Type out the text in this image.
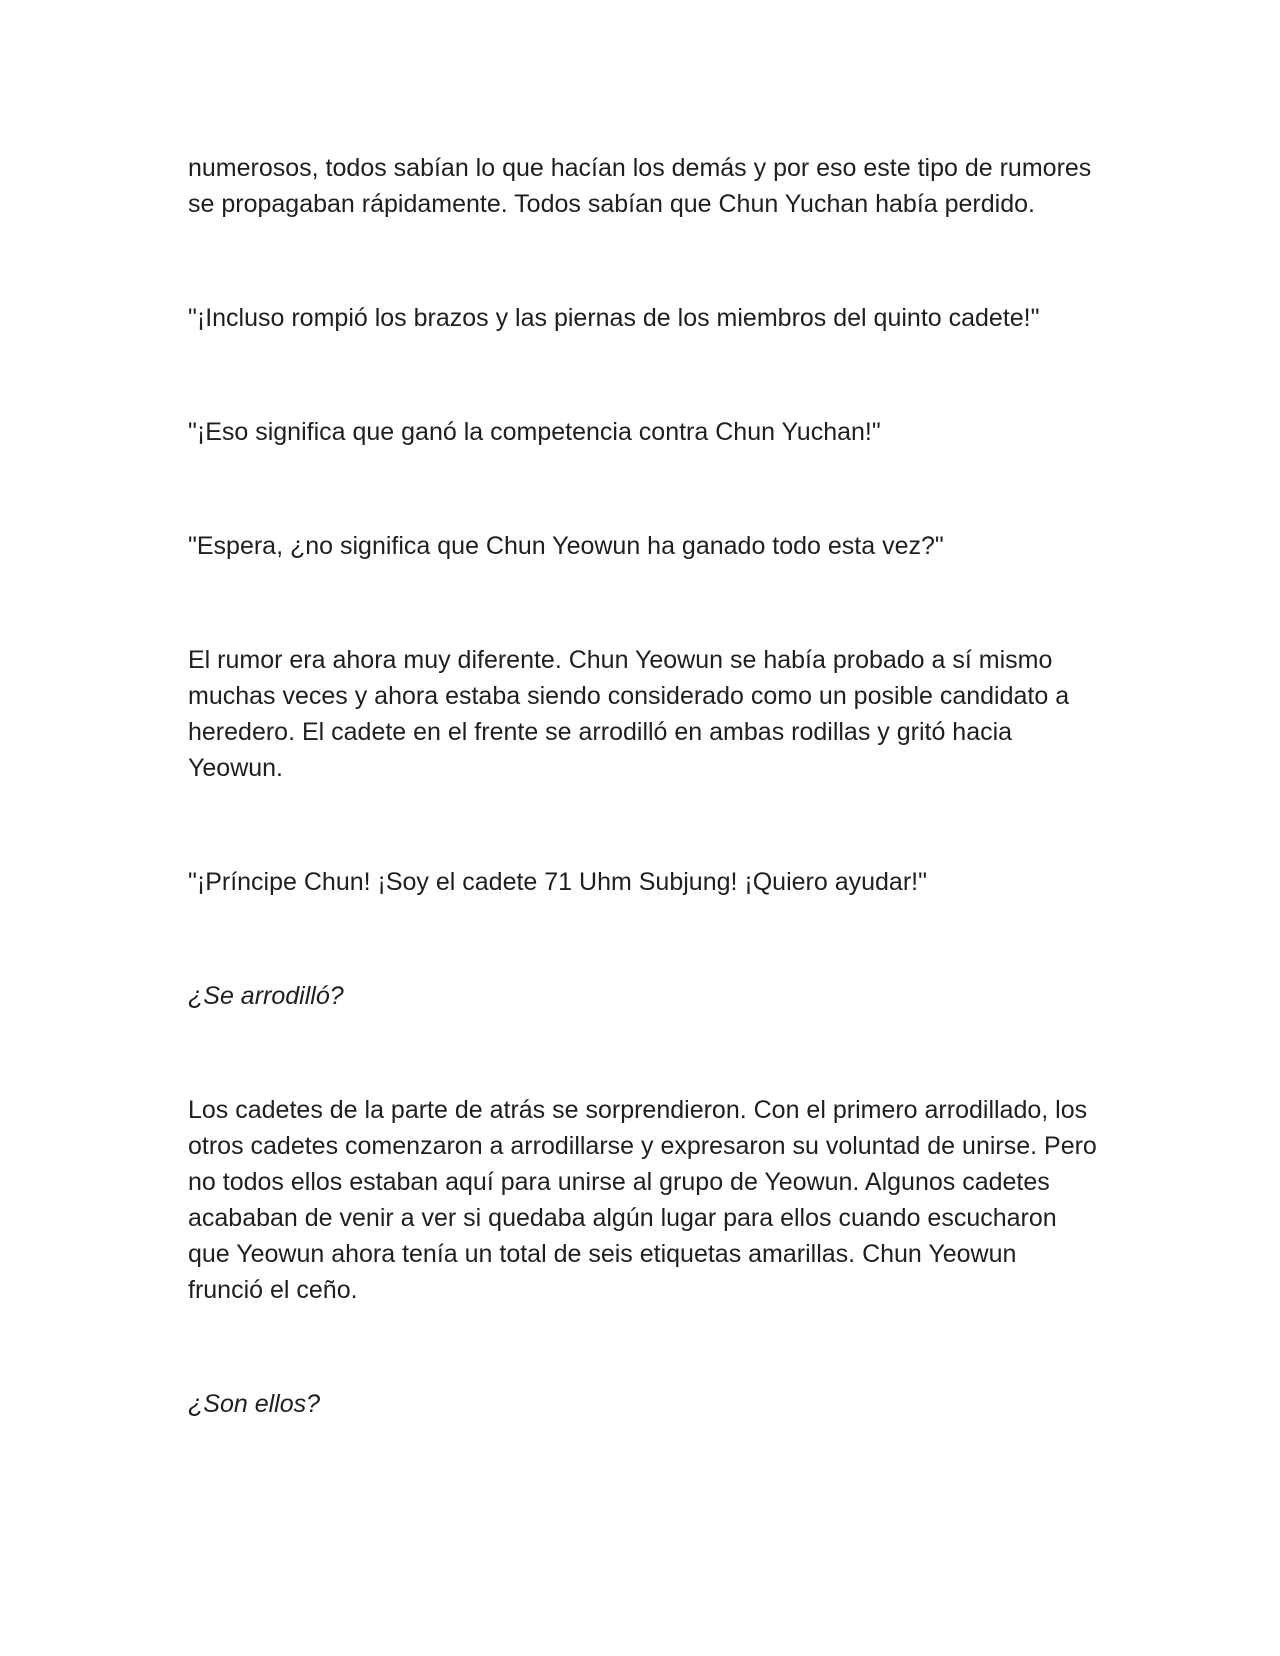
numerosos, todos sabían lo que hacían los demás y por eso este tipo de rumores se propagaban rápidamente. Todos sabían que Chun Yuchan había perdido.

"¡Incluso rompió los brazos y las piernas de los miembros del quinto cadete!"

"¡Eso significa que ganó la competencia contra Chun Yuchan!"

"Espera, ¿no significa que Chun Yeowun ha ganado todo esta vez?"

El rumor era ahora muy diferente. Chun Yeowun se había probado a sí mismo muchas veces y ahora estaba siendo considerado como un posible candidato a heredero. El cadete en el frente se arrodilló en ambas rodillas y gritó hacia Yeowun.

"¡Príncipe Chun! ¡Soy el cadete 71 Uhm Subjung! ¡Quiero ayudar!"

¿Se arrodilló?

Los cadetes de la parte de atrás se sorprendieron. Con el primero arrodillado, los otros cadetes comenzaron a arrodillarse y expresaron su voluntad de unirse. Pero no todos ellos estaban aquí para unirse al grupo de Yeowun. Algunos cadetes acababan de venir a ver si quedaba algún lugar para ellos cuando escucharon que Yeowun ahora tenía un total de seis etiquetas amarillas. Chun Yeowun frunció el ceño.

¿Son ellos?
